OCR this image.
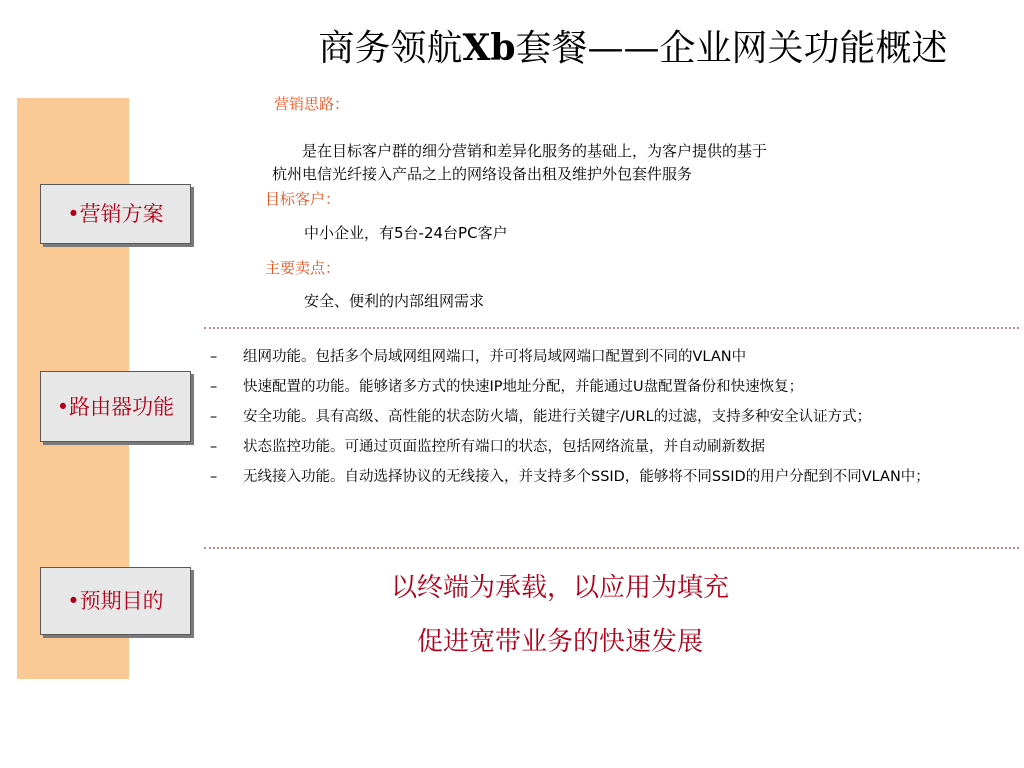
商务领航Xb套餐——企业网关功能概述
•营销方案
•路由器功能
•预期目的
营销思路：
是在目标客户群的细分营销和差异化服务的基础上，为客户提供的基于
杭州电信光纤接入产品之上的网络设备出租及维护外包套件服务
目标客户：
中小企业，有5台-24台PC客户
主要卖点：
安全、便利的内部组网需求
– 组网功能。包括多个局域网组网端口，并可将局域网端口配置到不同的VLAN中
– 快速配置的功能。能够诸多方式的快速IP地址分配，并能通过U盘配置备份和快速恢复；
– 安全功能。具有高级、高性能的状态防火墙，能进行关键字/URL的过滤，支持多种安全认证方式；
– 状态监控功能。可通过页面监控所有端口的状态，包括网络流量，并自动刷新数据
– 无线接入功能。自动选择协议的无线接入，并支持多个SSID，能够将不同SSID的用户分配到不同VLAN中；
以终端为承载，以应用为填充
促进宽带业务的快速发展
